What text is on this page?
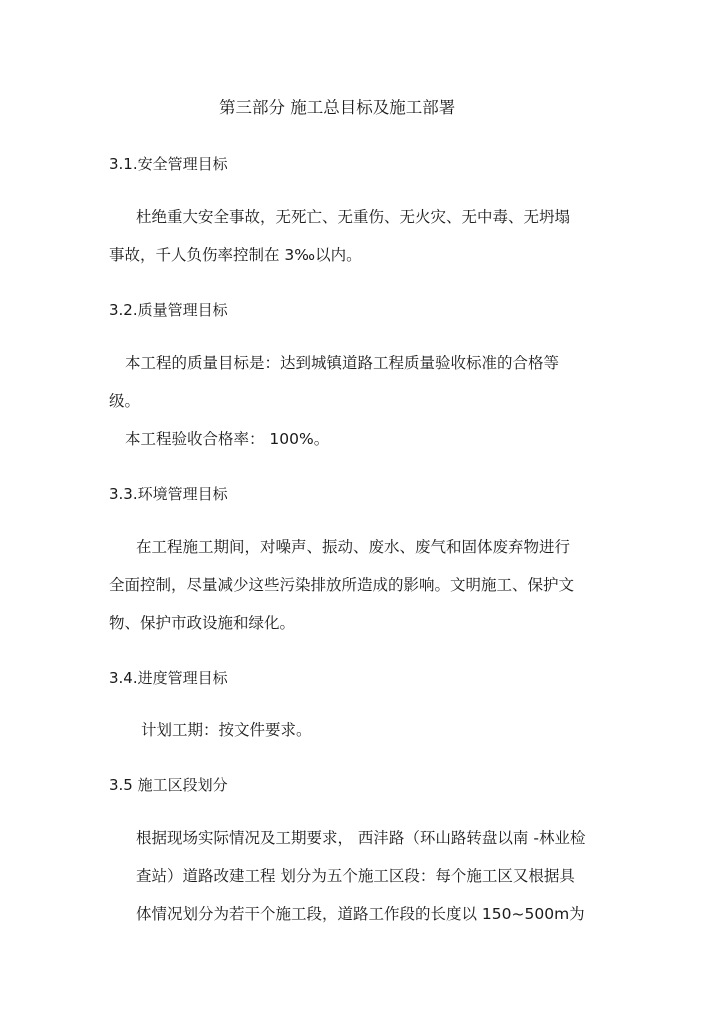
第三部分 施工总目标及施工部署
3.1.安全管理目标
杜绝重大安全事故，无死亡、无重伤、无火灾、无中毒、无坍塌
事故，千人负伤率控制在 3‰以内。
3.2.质量管理目标
本工程的质量目标是：达到城镇道路工程质量验收标准的合格等
级。
本工程验收合格率： 100%。
3.3.环境管理目标
在工程施工期间，对噪声、振动、废水、废气和固体废弃物进行
全面控制，尽量减少这些污染排放所造成的影响。文明施工、保护文
物、保护市政设施和绿化。
3.4.进度管理目标
计划工期：按文件要求。
3.5 施工区段划分
根据现场实际情况及工期要求， 西沣路（环山路转盘以南 -林业检
查站）道路改建工程 划分为五个施工区段：每个施工区又根据具
体情况划分为若干个施工段，道路工作段的长度以 150~500m为
